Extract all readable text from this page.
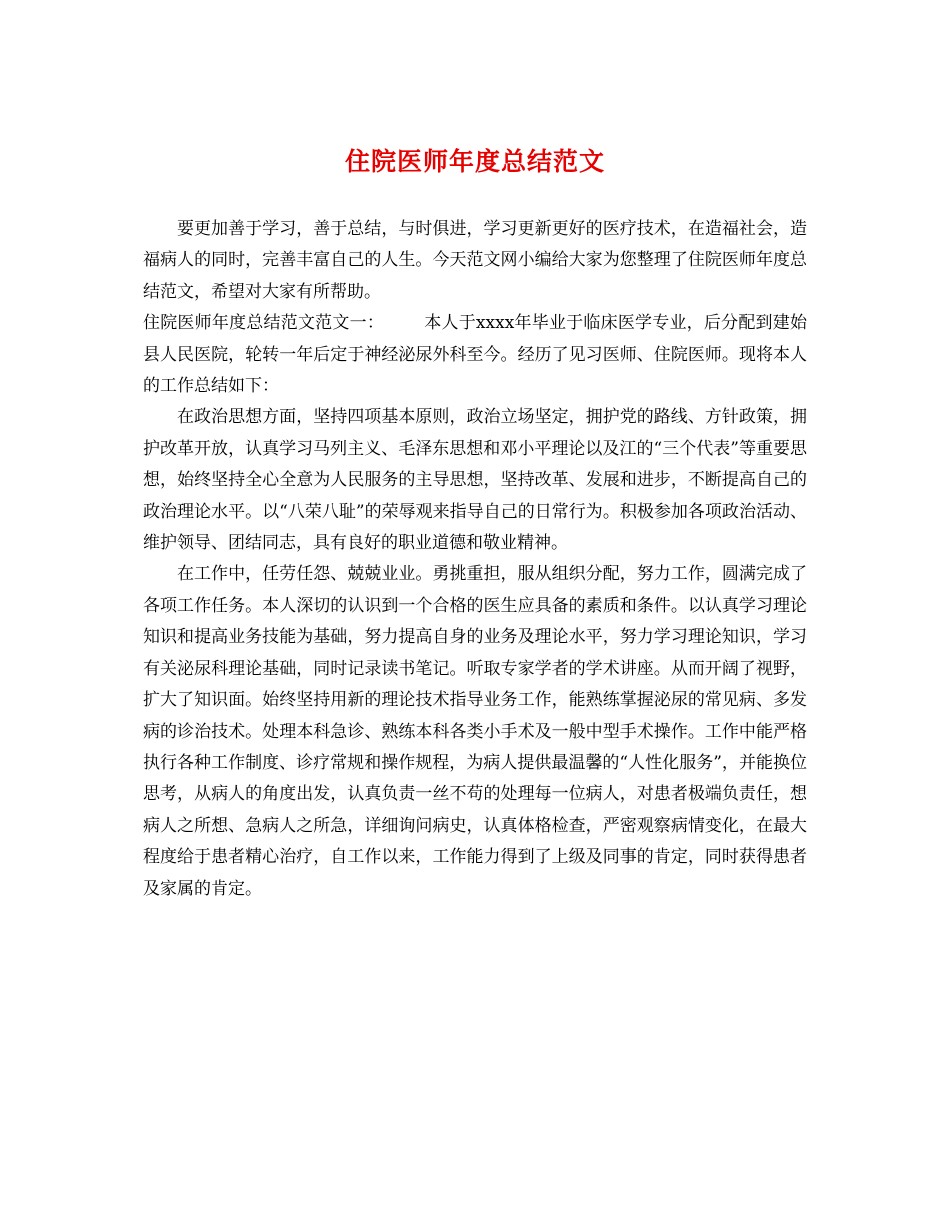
住院医师年度总结范文

要更加善于学习，善于总结，与时俱进，学习更新更好的医疗技术，在造福社会，造福病人的同时，完善丰富自己的人生。今天范文网小编给大家为您整理了住院医师年度总结范文，希望对大家有所帮助。

住院医师年度总结范文范文一： 本人于xxxx年毕业于临床医学专业，后分配到建始县人民医院，轮转一年后定于神经泌尿外科至今。经历了见习医师、住院医师。现将本人的工作总结如下：

在政治思想方面，坚持四项基本原则，政治立场坚定，拥护党的路线、方针政策，拥护改革开放，认真学习马列主义、毛泽东思想和邓小平理论以及江的“三个代表”等重要思想，始终坚持全心全意为人民服务的主导思想，坚持改革、发展和进步，不断提高自己的政治理论水平。以“八荣八耻”的荣辱观来指导自己的日常行为。积极参加各项政治活动、维护领导、团结同志，具有良好的职业道德和敬业精神。

在工作中，任劳任怨、兢兢业业。勇挑重担，服从组织分配，努力工作，圆满完成了各项工作任务。本人深切的认识到一个合格的医生应具备的素质和条件。以认真学习理论知识和提高业务技能为基础，努力提高自身的业务及理论水平，努力学习理论知识，学习有关泌尿科理论基础，同时记录读书笔记。听取专家学者的学术讲座。从而开阔了视野，扩大了知识面。始终坚持用新的理论技术指导业务工作，能熟练掌握泌尿的常见病、多发病的诊治技术。处理本科急诊、熟练本科各类小手术及一般中型手术操作。工作中能严格执行各种工作制度、诊疗常规和操作规程，为病人提供最温馨的“人性化服务”，并能换位思考，从病人的角度出发，认真负责一丝不苟的处理每一位病人，对患者极端负责任，想病人之所想、急病人之所急，详细询问病史，认真体格检查，严密观察病情变化，在最大程度给于患者精心治疗，自工作以来，工作能力得到了上级及同事的肯定，同时获得患者及家属的肯定。
